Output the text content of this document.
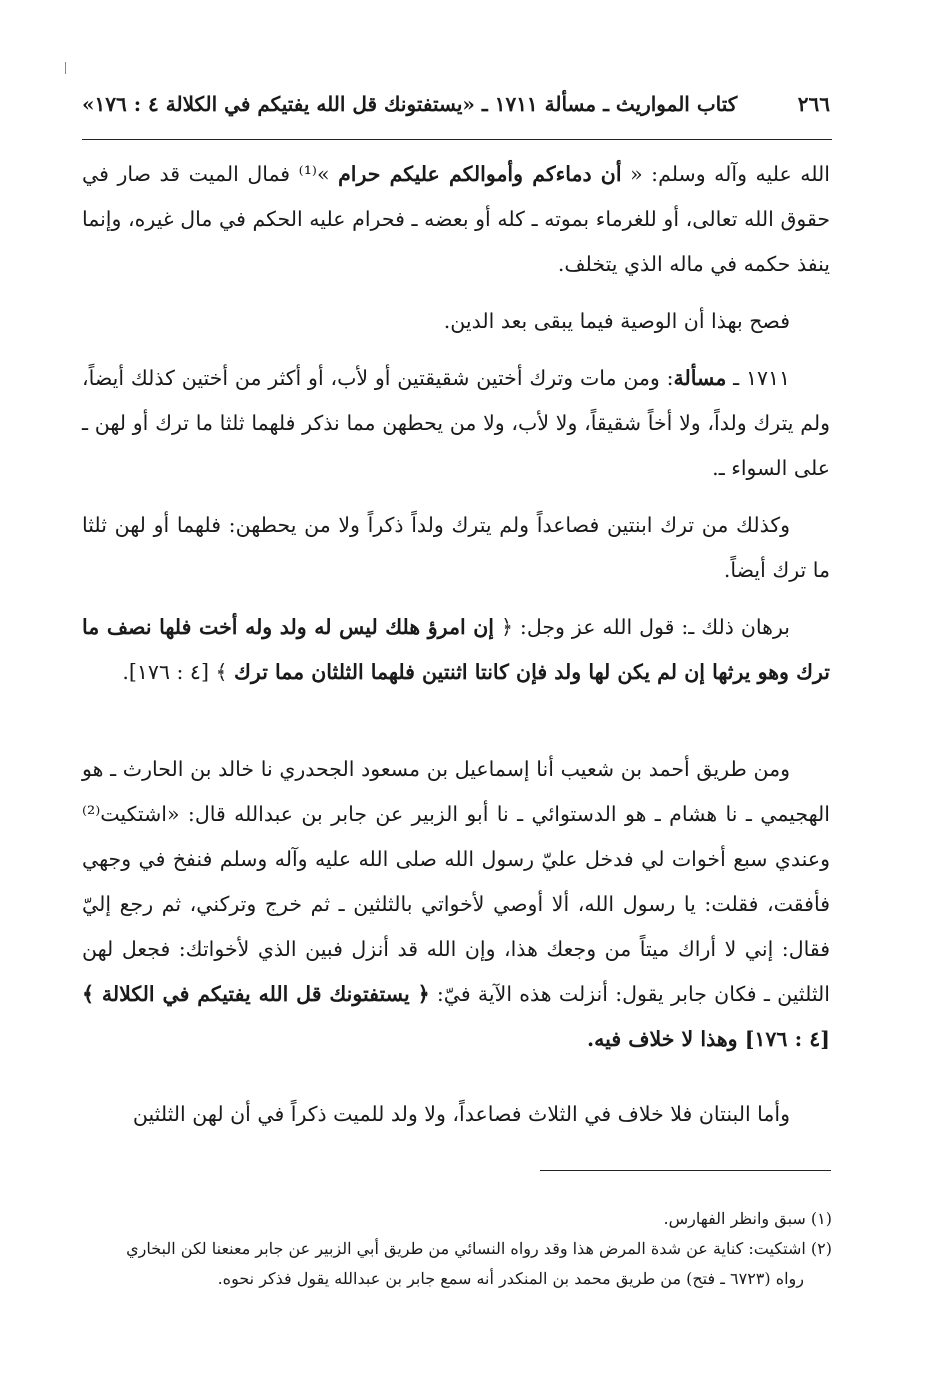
٢٦٦
كتاب المواريث ـ مسألة ١٧١١ ـ «يستفتونك قل الله يفتيكم في الكلالة ٤ : ١٧٦»

الله عليه وآله وسلم: « أن دماءكم وأموالكم عليكم حرام »⁽¹⁾ فمال الميت قد صار في حقوق الله تعالى، أو للغرماء بموته ـ كله أو بعضه ـ فحرام عليه الحكم في مال غيره، وإنما ينفذ حكمه في ماله الذي يتخلف.

فصح بهذا أن الوصية فيما يبقى بعد الدين.

١٧١١ ـ مسألة: ومن مات وترك أختين شقيقتين أو لأب، أو أكثر من أختين كذلك أيضاً، ولم يترك ولداً، ولا أخاً شقيقاً، ولا لأب، ولا من يحطهن مما نذكر فلهما ثلثا ما ترك أو لهن ـ على السواء ـ.

وكذلك من ترك ابنتين فصاعداً ولم يترك ولداً ذكراً ولا من يحطهن: فلهما أو لهن ثلثا ما ترك أيضاً.

برهان ذلك ـ: قول الله عز وجل: ﴿ إن امرؤ هلك ليس له ولد وله أخت فلها نصف ما ترك وهو يرثها إن لم يكن لها ولد فإن كانتا اثنتين فلهما الثلثان مما ترك ﴾ [٤ : ١٧٦].

ومن طريق أحمد بن شعيب أنا إسماعيل بن مسعود الجحدري نا خالد بن الحارث ـ هو الهجيمي ـ نا هشام ـ هو الدستوائي ـ نا أبو الزبير عن جابر بن عبدالله قال: «اشتكيت⁽²⁾ وعندي سبع أخوات لي فدخل عليّ رسول الله صلى الله عليه وآله وسلم فنفخ في وجهي فأفقت، فقلت: يا رسول الله، ألا أوصي لأخواتي بالثلثين ـ ثم خرج وتركني، ثم رجع إليّ فقال: إني لا أراك ميتاً من وجعك هذا، وإن الله قد أنزل فبين الذي لأخواتك: فجعل لهن الثلثين ـ فكان جابر يقول: أنزلت هذه الآية فيّ: ﴿ يستفتونك قل الله يفتيكم في الكلالة ﴾ [٤ : ١٧٦] وهذا لا خلاف فيه.

وأما البنتان فلا خلاف في الثلاث فصاعداً، ولا ولد للميت ذكراً في أن لهن الثلثين

(١) سبق وانظر الفهارس.

(٢) اشتكيت: كناية عن شدة المرض هذا وقد رواه النسائي من طريق أبي الزبير عن جابر معنعنا لكن البخاري

رواه (٦٧٢٣ ـ فتح) من طريق محمد بن المنكدر أنه سمع جابر بن عبدالله يقول فذكر نحوه.
